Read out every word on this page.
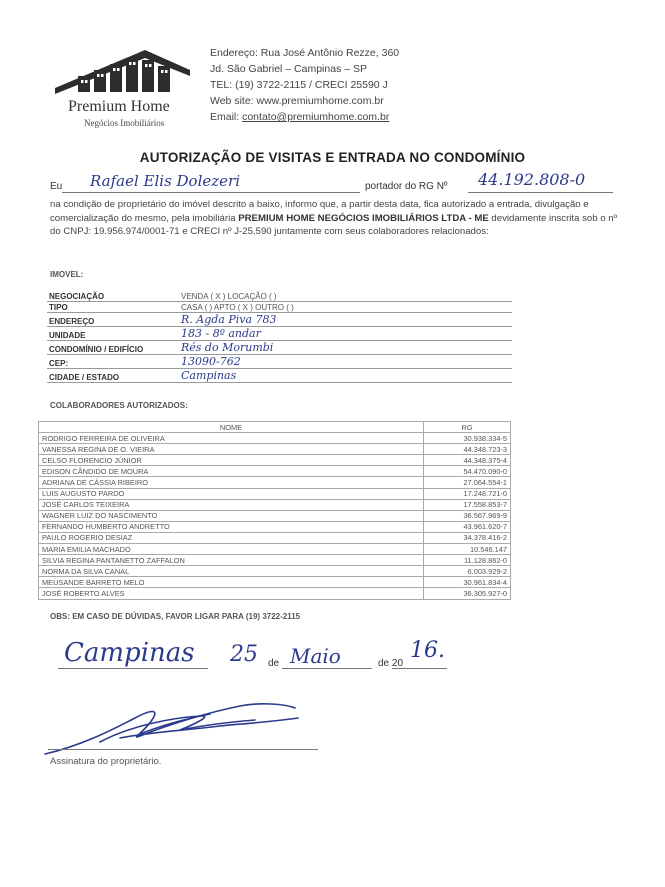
Premium Home
Negócios Imobiliários
Endereço: Rua José Antônio Rezze, 360
Jd. São Gabriel – Campinas – SP
TEL: (19) 3722-2115 / CRECI 25590 J
Web site: www.premiumhome.com.br
Email: contato@premiumhome.com.br
AUTORIZAÇÃO DE VISITAS E ENTRADA NO CONDOMÍNIO
Eu Rafael Elis Dolezeri	portador do RG Nº 44.192.808-0
na condição de proprietário do imóvel descrito a baixo, informo que, a partir desta data, fica autorizado a entrada, divulgação e comercialização do mesmo, pela imobiliária PREMIUM HOME NEGÓCIOS IMOBILIÁRIOS LTDA - ME devidamente inscrita sob o nº do CNPJ: 19.956.974/0001-71 e CRECI nº J-25.590 juntamente com seus colaboradores relacionados:
IMOVEL:
NEGOCIAÇÃO	VENDA ( X ) LOCAÇÃO ( )
TIPO	CASA ( ) APTO ( X ) OUTRO ( )
ENDEREÇO	R. Agda Piva 783
UNIDADE	183 - 8º andar
CONDOMÍNIO / EDIFÍCIO	Rés do Morumbi
CEP:	13090-762
CIDADE / ESTADO	Campinas
COLABORADORES AUTORIZADOS:
NOME	RG
RODRIGO FERREIRA DE OLIVEIRA	30.938.334-5
VANESSA REGINA DE O. VIEIRA	44.348.723-3
CELSO FLORENCIO JÚNIOR	44.348.375-4
EDISON CÂNDIDO DE MOURA	54.470.090-0
ADRIANA DE CÁSSIA RIBEIRO	27.064.554-1
LUIS AUGUSTO PARDO	17.248.721-0
JOSÉ CARLOS TEIXEIRA	17.558.853-7
WAGNER LUIZ DO NASCIMENTO	36.567.969-9
FERNANDO HUMBERTO ANDRETTO	43.961.620-7
PAULO ROGERIO DESIAZ	34.378.416-2
MARIA EMILIA MACHADO	10.546.147
SILVIA REGINA PANTANETTO ZAFFALON	11.128.862-0
NORMA DA SILVA CANAL	6.003.929-2
MEUSANDE BARRETO MELO	30.961.834-4
JOSÉ ROBERTO ALVES	36.305.927-0
OBS: EM CASO DE DÚVIDAS, FAVOR LIGAR PARA (19) 3722-2115
Campinas 25 de Maio	de 20
16.
Assinatura do proprietário.
